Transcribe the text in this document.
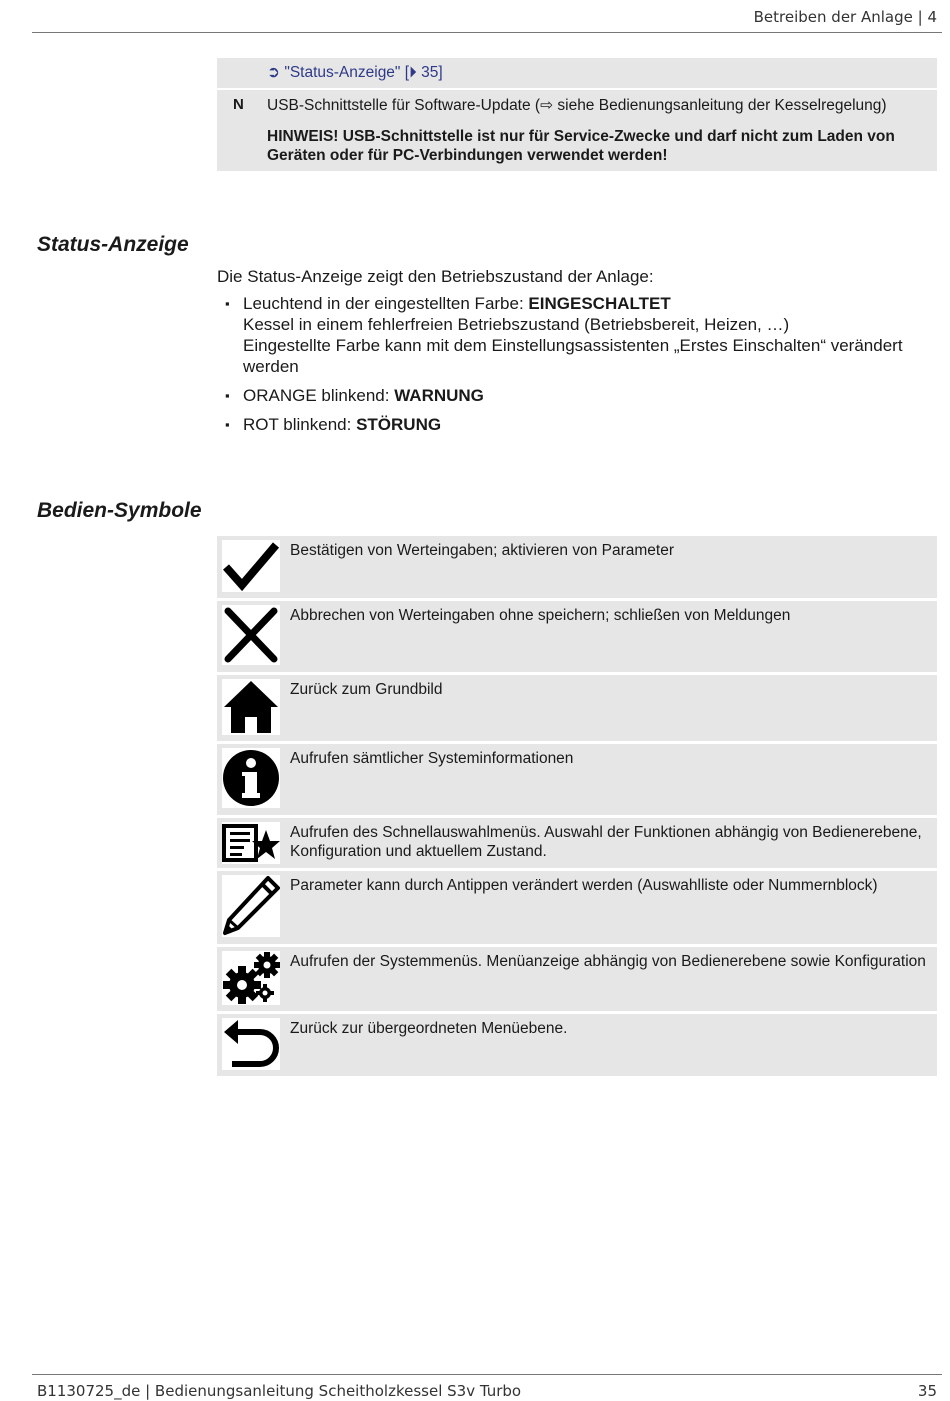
Betreiben der Anlage | 4
➲ "Status-Anzeige" [⏵ 35]
N	USB-Schnittstelle für Software-Update (⇨ siehe Bedienungsanleitung der Kesselregelung)
HINWEIS! USB-Schnittstelle ist nur für Service-Zwecke und darf nicht zum Laden von Geräten oder für PC-Verbindungen verwendet werden!
Status-Anzeige
Die Status-Anzeige zeigt den Betriebszustand der Anlage:
▪ Leuchtend in der eingestellten Farbe: EINGESCHALTET
Kessel in einem fehlerfreien Betriebszustand (Betriebsbereit, Heizen, …)
Eingestellte Farbe kann mit dem Einstellungsassistenten „Erstes Einschalten“ verändert werden
▪ ORANGE blinkend: WARNUNG
▪ ROT blinkend: STÖRUNG
Bedien-Symbole
Bestätigen von Werteingaben; aktivieren von Parameter
Abbrechen von Werteingaben ohne speichern; schließen von Meldungen
Zurück zum Grundbild
Aufrufen sämtlicher Systeminformationen
Aufrufen des Schnellauswahlmenüs. Auswahl der Funktionen abhängig von Bedienerebene, Konfiguration und aktuellem Zustand.
Parameter kann durch Antippen verändert werden (Auswahlliste oder Nummernblock)
Aufrufen der Systemmenüs. Menüanzeige abhängig von Bedienerebene sowie Konfiguration
Zurück zur übergeordneten Menüebene.
B1130725_de | Bedienungsanleitung Scheitholzkessel S3v Turbo	35
